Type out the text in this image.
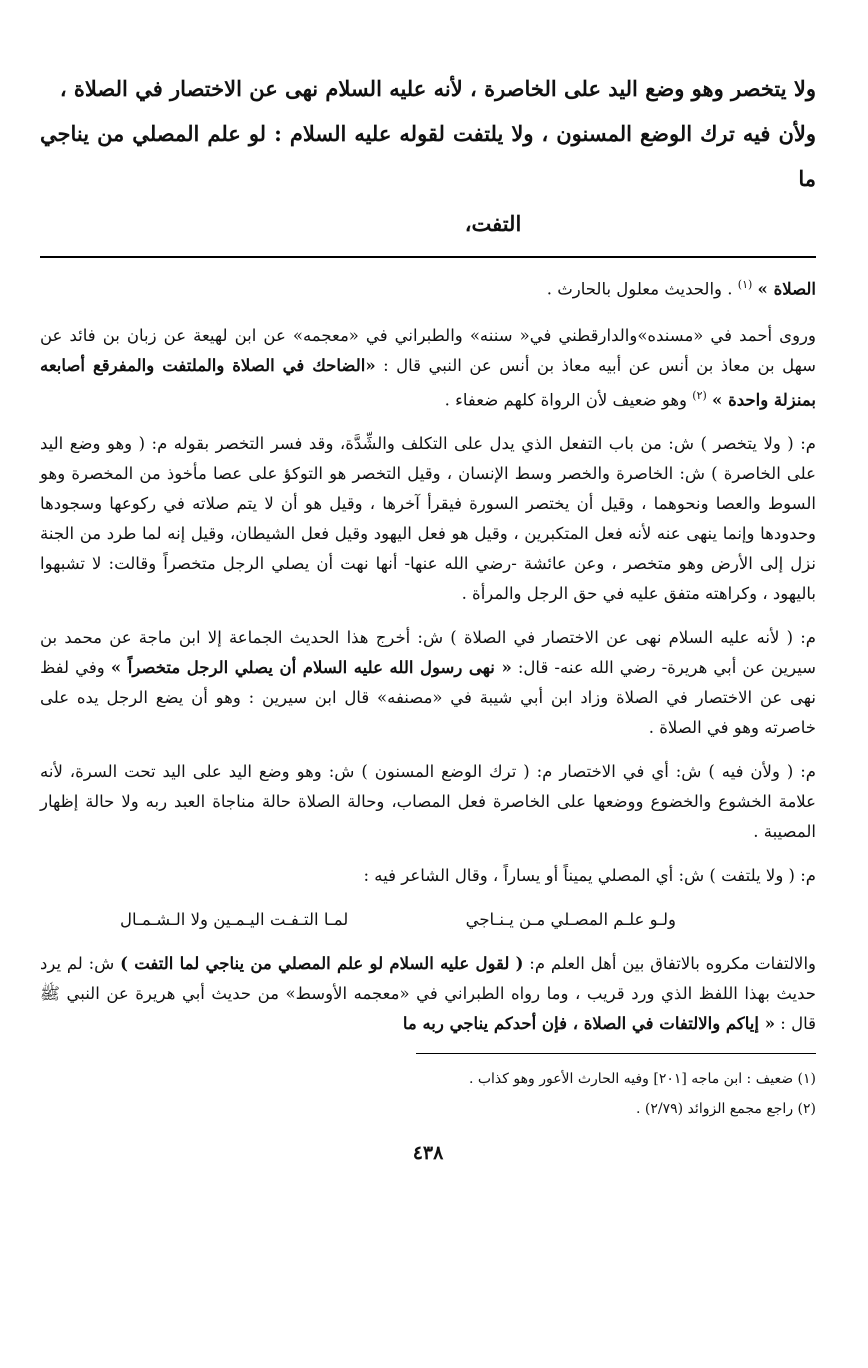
ولا يتخصر وهو وضع اليد على الخاصرة ، لأنه عليه السلام نهى عن الاختصار في الصلاة ،
ولأن فيه ترك الوضع المسنون ، ولا يلتفت لقوله عليه السلام : لو علم المصلي من يناجي ما
التفت،

الصلاة » $^{(١)}$ . والحديث معلول بالحارث .

وروى أحمد في «مسنده»والدارقطني في« سننه» والطبراني في «معجمه» عن ابن لهيعة عن زبان بن فائد عن سهل بن معاذ بن أنس عن أبيه معاذ بن أنس عن النبي قال : «الضاحك في الصلاة والملتفت والمفرقع أصابعه بمنزلة واحدة » $^{(٢)}$ وهو ضعيف لأن الرواة كلهم ضعفاء .

م: ( ولا يتخصر ) ش: من باب التفعل الذي يدل على التكلف والشِّدَّة، وقد فسر التخصر بقوله م: ( وهو وضع اليد على الخاصرة ) ش: الخاصرة والخصر وسط الإنسان ، وقيل التخصر هو التوكؤ على عصا مأخوذ من المخصرة وهو السوط والعصا ونحوهما ، وقيل أن يختصر السورة فيقرأ آخرها ، وقيل هو أن لا يتم صلاته في ركوعها وسجودها وحدودها وإنما ينهى عنه لأنه فعل المتكبرين ، وقيل هو فعل اليهود وقيل فعل الشيطان، وقيل إنه لما طرد من الجنة نزل إلى الأرض وهو متخصر ، وعن عائشة -رضي الله عنها- أنها نهت أن يصلي الرجل متخصراً وقالت: لا تشبهوا باليهود ، وكراهته متفق عليه في حق الرجل والمرأة .

م: ( لأنه عليه السلام نهى عن الاختصار في الصلاة ) ش: أخرج هذا الحديث الجماعة إلا ابن ماجة عن محمد بن سيرين عن أبي هريرة- رضي الله عنه- قال: « نهى رسول الله عليه السلام أن يصلي الرجل متخصراً » وفي لفظ نهى عن الاختصار في الصلاة وزاد ابن أبي شيبة في «مصنفه» قال ابن سيرين : وهو أن يضع الرجل يده على خاصرته وهو في الصلاة .

م: ( ولأن فيه ) ش: أي في الاختصار م: ( ترك الوضع المسنون ) ش: وهو وضع اليد على اليد تحت السرة، لأنه علامة الخشوع والخضوع ووضعها على الخاصرة فعل المصاب، وحالة الصلاة حالة مناجاة العبد ربه ولا حالة إظهار المصيبة .

م: ( ولا يلتفت ) ش: أي المصلي يميناً أو يساراً ، وقال الشاعر فيه :

ولـو علـم المصـلي مـن يـنـاجي
لمـا التـفـت اليـمـين ولا الـشـمـال

والالتفات مكروه بالاتفاق بين أهل العلم م: ( لقول عليه السلام لو علم المصلي من يناجي لما التفت ) ش: لم يرد حديث بهذا اللفظ الذي ورد قريب ، وما رواه الطبراني في «معجمه الأوسط» من حديث أبي هريرة عن النبي ﷺ قال : « إياكم والالتفات في الصلاة ، فإن أحدكم يناجي ربه ما

(١) ضعيف : ابن ماجه [٢٠١] وفيه الحارث الأعور وهو كذاب .
(٢) راجع مجمع الزوائد (٢/٧٩) .
٤٣٨
